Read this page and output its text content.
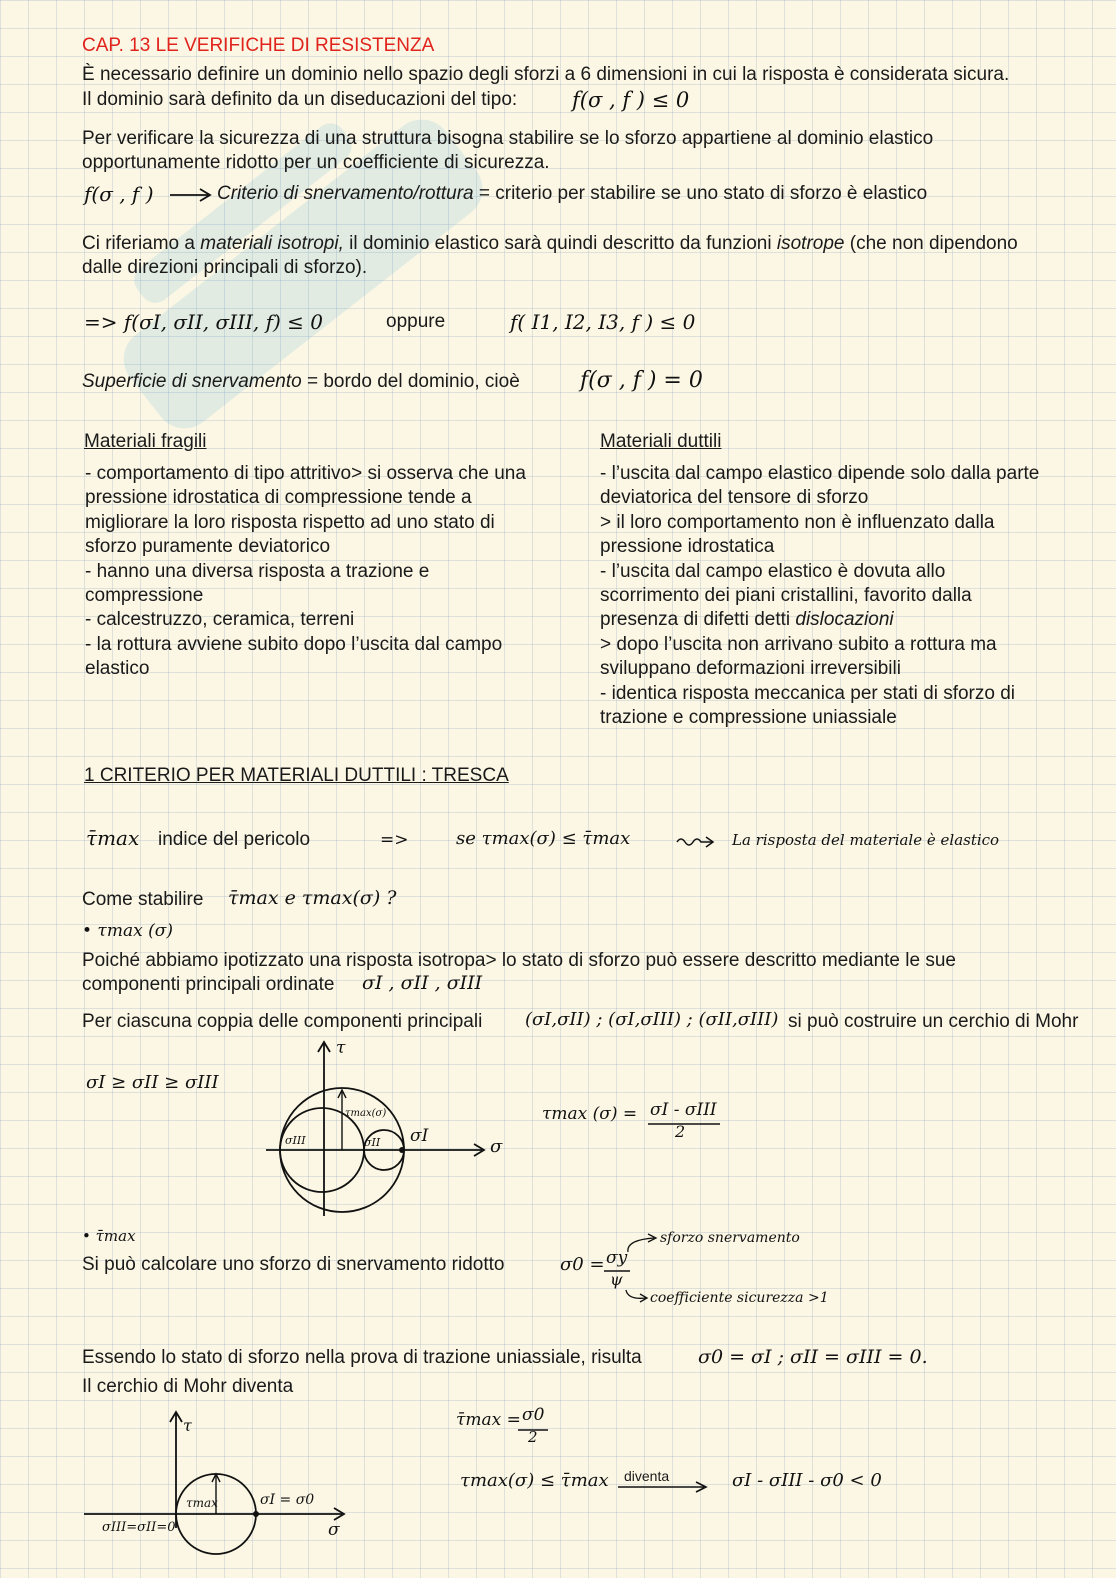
CAP. 13 LE VERIFICHE DI RESISTENZA
È necessario definire un dominio nello spazio degli sforzi a 6 dimensioni in cui la risposta è considerata sicura.
Il dominio sarà definito da un diseducazioni del tipo:	f(σ , f ) ≤ 0
Per verificare la sicurezza di una struttura bisogna stabilire se lo sforzo appartiene al dominio elastico
opportunamente ridotto per un coefficiente di sicurezza.
f(σ , f )	Criterio di snervamento/rottura = criterio per stabilire se uno stato di sforzo è elastico
Ci riferiamo a materiali isotropi, il dominio elastico sarà quindi descritto da funzioni isotrope (che non dipendono
dalle direzioni principali di sforzo).
=> f(σI, σII, σIII, f) ≤ 0	oppure	f( I1, I2, I3, f ) ≤ 0
Superficie di snervamento = bordo del dominio, cioè	f(σ , f ) = 0
Materiali fragili
- comportamento di tipo attritivo> si osserva che una
pressione idrostatica di compressione tende a
migliorare la loro risposta rispetto ad uno stato di
sforzo puramente deviatorico
- hanno una diversa risposta a trazione e
compressione
- calcestruzzo, ceramica, terreni
- la rottura avviene subito dopo l’uscita dal campo
elastico
Materiali duttili
- l’uscita dal campo elastico dipende solo dalla parte
deviatorica del tensore di sforzo
> il loro comportamento non è influenzato dalla
pressione idrostatica
- l’uscita dal campo elastico è dovuta allo
scorrimento dei piani cristallini, favorito dalla
presenza di difetti detti dislocazioni
> dopo l’uscita non arrivano subito a rottura ma
sviluppano deformazioni irreversibili
- identica risposta meccanica per stati di sforzo di
trazione e compressione uniassiale
1 CRITERIO PER MATERIALI DUTTILI : TRESCA
τ̄max indice del pericolo	=>	se τmax(σ) ≤ τ̄max	La risposta del materiale è elastico
Come stabilire τ̄max e τmax(σ) ?
• τmax (σ)
Poiché abbiamo ipotizzato una risposta isotropa> lo stato di sforzo può essere descritto mediante le sue
componenti principali ordinate σI , σII , σIII
Per ciascuna coppia delle componenti principali (σI,σII) ; (σI,σIII) ; (σII,σIII) si può costruire un cerchio di Mohr
σI ≥ σII ≥ σIII
τ
σ
σI
σIII	σII
τmax(σ)	τmax (σ) = σI - σIII
2
• τ̄max
Si può calcolare uno sforzo di snervamento ridotto	σ0 = σy
ψ
sforzo snervamento
coefficiente sicurezza >1
Essendo lo stato di sforzo nella prova di trazione uniassiale, risulta	σ0 = σI ; σII = σIII = 0.
Il cerchio di Mohr diventa
τ
σ
τmax	σI = σ0
σIII=σII=0
τ̄max = σ0
2
τmax(σ) ≤ τ̄max diventa	σI - σIII - σ0 < 0
